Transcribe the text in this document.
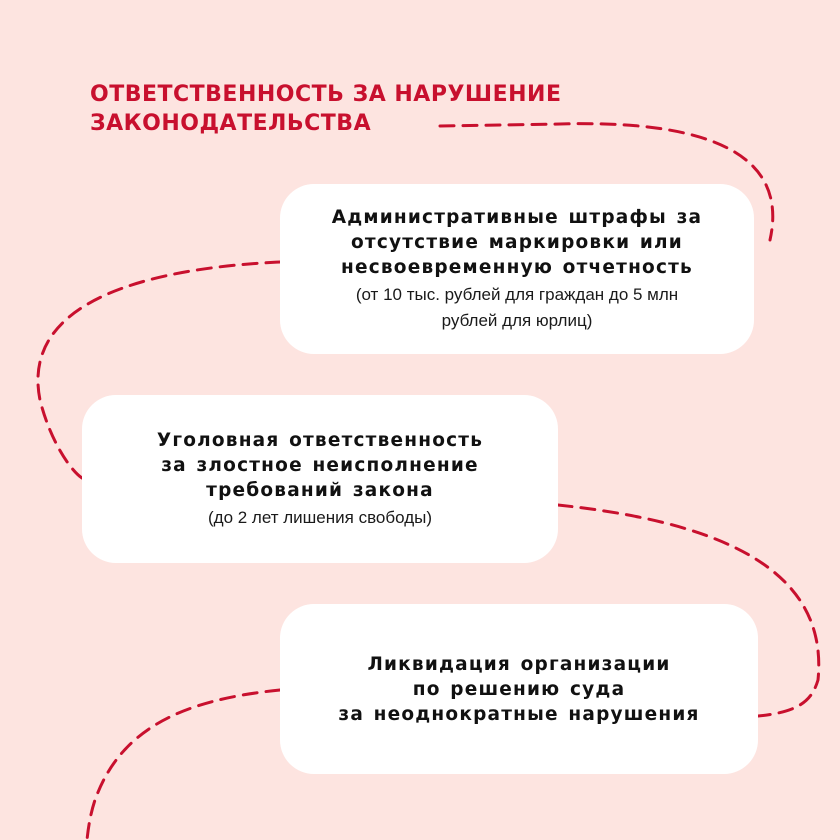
ОТВЕТСТВЕННОСТЬ ЗА НАРУШЕНИЕ
ЗАКОНОДАТЕЛЬСТВА
Административные штрафы за
отсутствие маркировки или
несвоевременную отчетность
(от 10 тыс. рублей для граждан до 5 млн
рублей для юрлиц)
Уголовная ответственность
за злостное неисполнение
требований закона
(до 2 лет лишения свободы)
Ликвидация организации
по решению суда
за неоднократные нарушения
